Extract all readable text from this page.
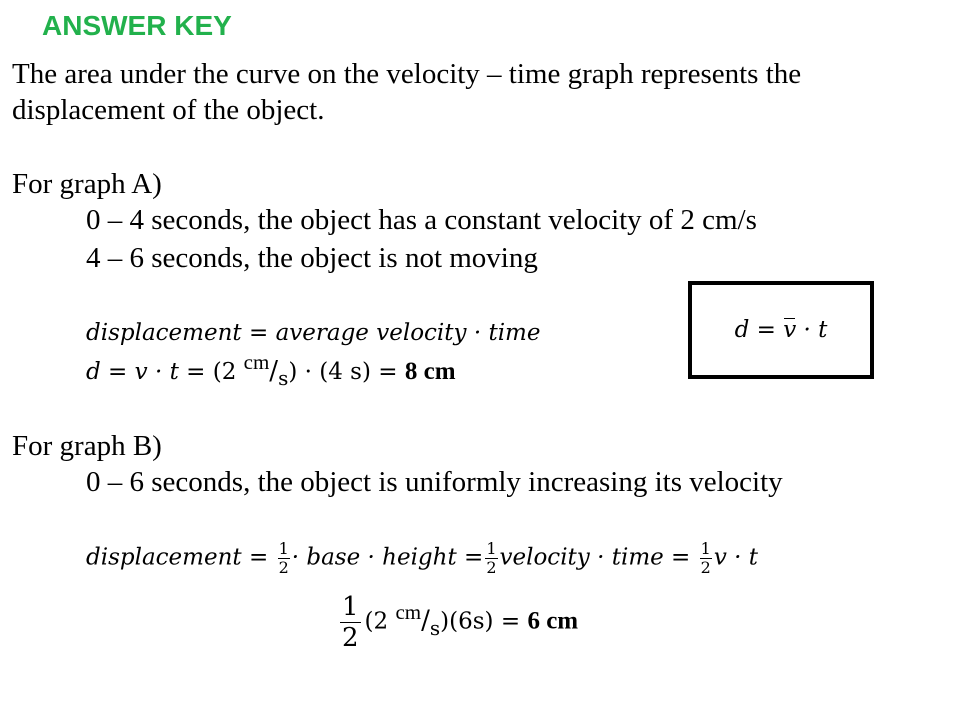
ANSWER KEY
The area under the curve on the velocity – time graph represents the
displacement of the object.
For graph A)
0 – 4 seconds, the object has a constant velocity of 2 cm/s
4 – 6 seconds, the object is not moving
displacement = average velocity · time
d = v · t = (2 cm/s) · (4 s) = 8 cm
d
=
v
· t
For graph B)
0 – 6 seconds, the object is uniformly increasing its velocity
displacement = $\frac{1}{2}$ · base · height = $\frac{1}{2}$ velocity · time = $\frac{1}{2}$ v · t
$\frac{1}{2} (2$ cm/s)(6s) = 6 cm
